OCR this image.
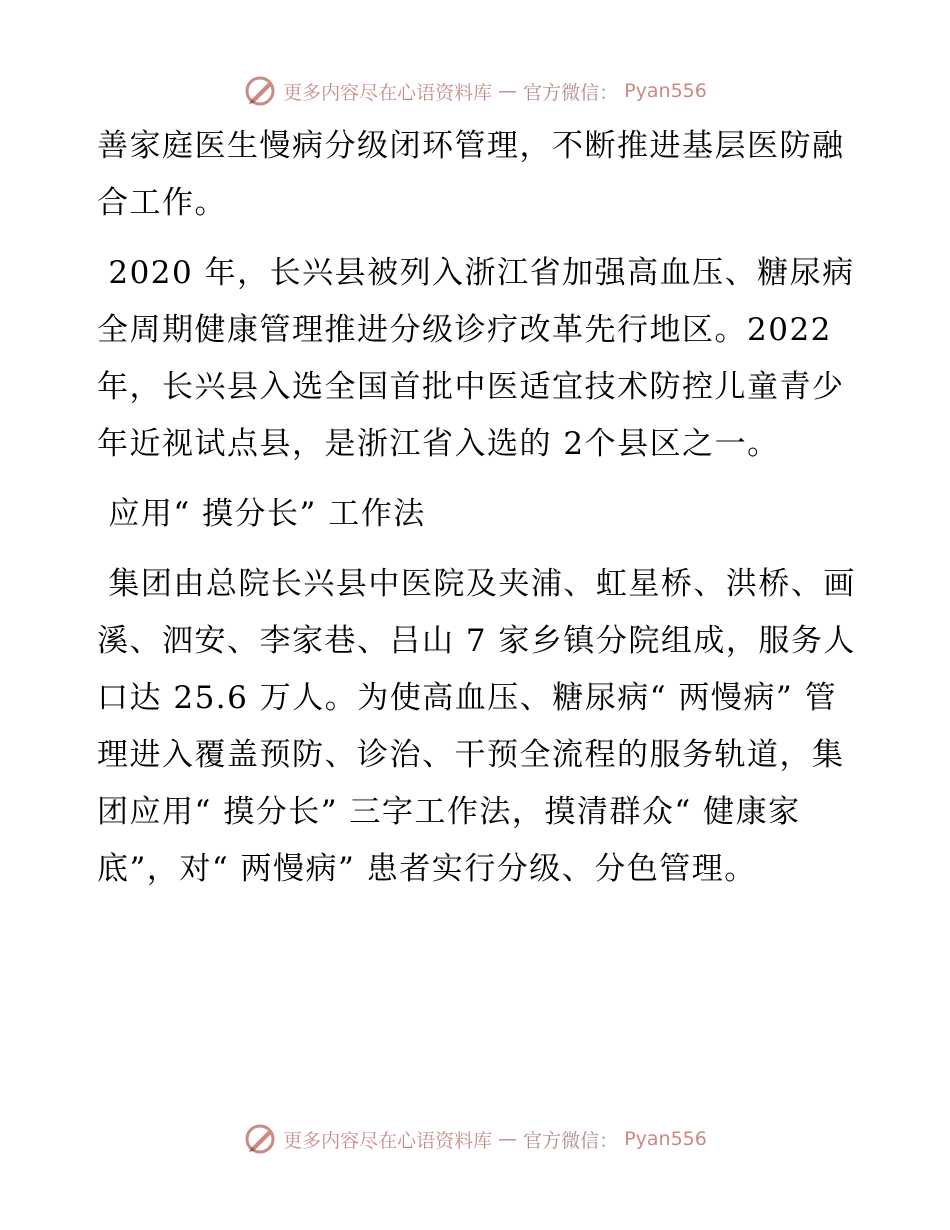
更多内容尽在心语资料库 — 官方微信： Pyan556

善家庭医生慢病分级闭环管理，不断推进基层医防融合工作。

2020 年，长兴县被列入浙江省加强高血压、糖尿病全周期健康管理推进分级诊疗改革先行地区。2022 年，长兴县入选全国首批中医适宜技术防控儿童青少年近视试点县，是浙江省入选的 2个县区之一。

应用“ 摸分长” 工作法

集团由总院长兴县中医院及夹浦、虹星桥、洪桥、画溪、泗安、李家巷、吕山 7 家乡镇分院组成，服务人口达 25.6 万人。为使高血压、糖尿病“ 两慢病” 管理进入覆盖预防、诊治、干预全流程的服务轨道，集团应用“ 摸分长” 三字工作法，摸清群众“ 健康家底”，对“ 两慢病” 患者实行分级、分色管理。

更多内容尽在心语资料库 — 官方微信： Pyan556
